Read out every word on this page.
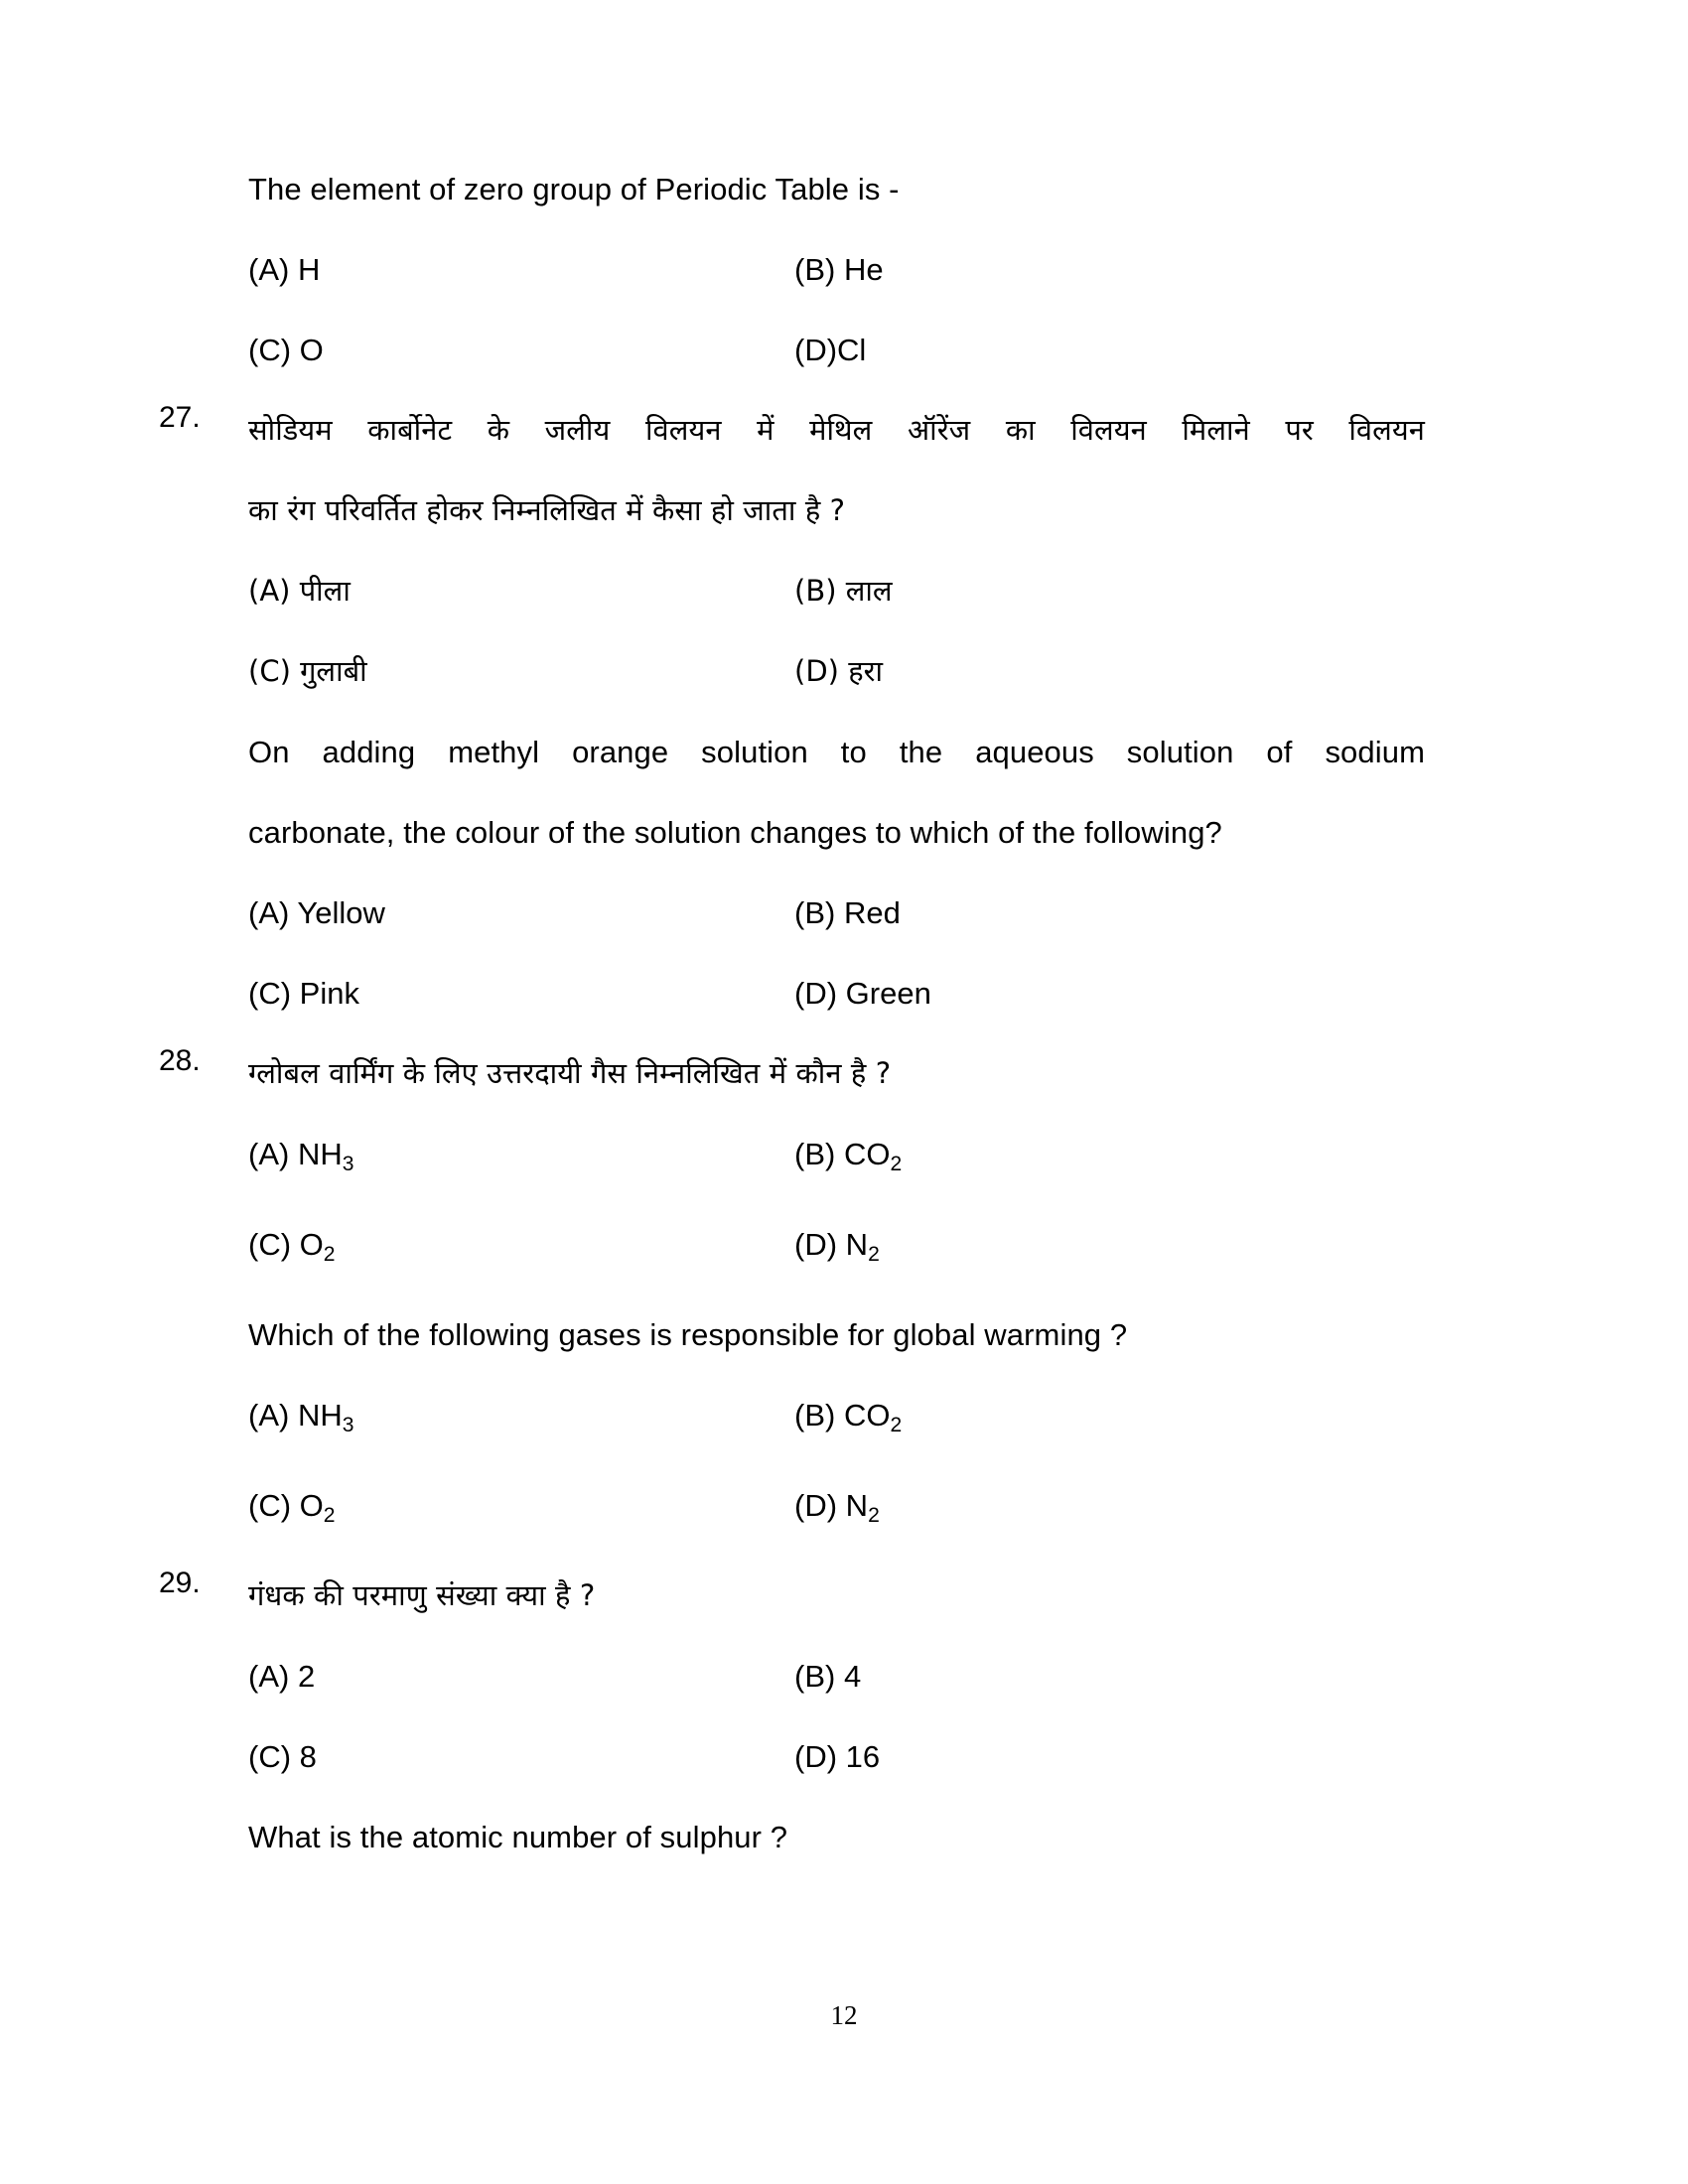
The element of zero group of Periodic Table is -
(A) H	(B) He
(C) O	(D)Cl
27.	सोडियम कार्बोनेट के जलीय विलयन में मेथिल ऑरेंज का विलयन मिलाने पर विलयन
का रंग परिवर्तित होकर निम्नलिखित में कैसा हो जाता है ?
(A) पीला	(B) लाल
(C) गुलाबी	(D) हरा
On adding methyl orange solution to the aqueous solution of sodium
carbonate, the colour of the solution changes to which of the following?
(A) Yellow	(B) Red
(C) Pink	(D) Green
28.	ग्लोबल वार्मिंग के लिए उत्तरदायी गैस निम्नलिखित में कौन है ?
(A) $NH_3$	(B) $CO_2$
(C) $O_2$	(D) $N_2$
Which of the following gases is responsible for global warming ?
(A) $NH_3$	(B) $CO_2$
(C) $O_2$	(D) $N_2$
29.	गंधक की परमाणु संख्या क्या है ?
(A) 2	(B) 4
(C) 8	(D) 16
What is the atomic number of sulphur ?
12
